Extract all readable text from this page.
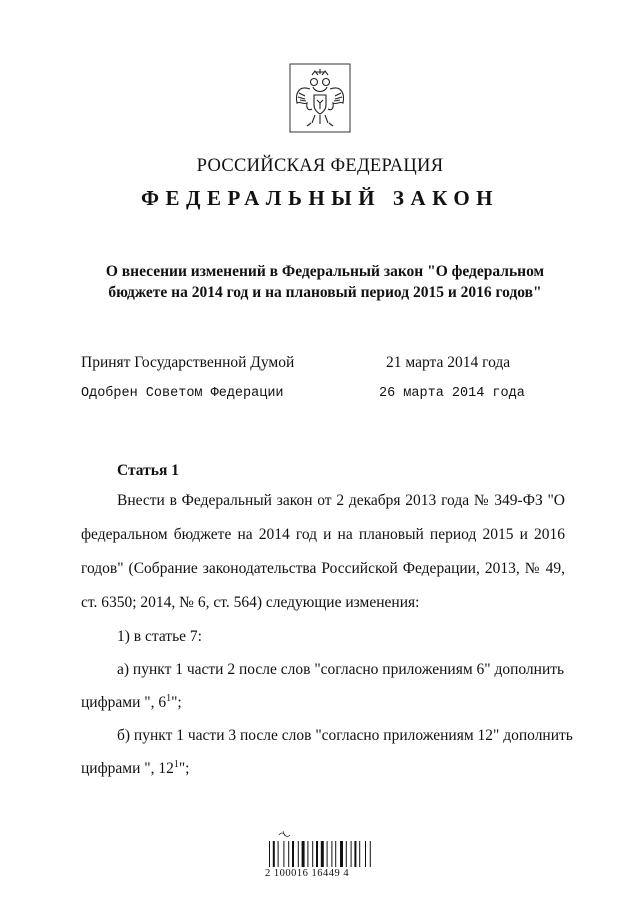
РОССИЙСКАЯ ФЕДЕРАЦИЯ
ФЕДЕРАЛЬНЫЙ ЗАКОН
О внесении изменений в Федеральный закон "О федеральном бюджете на 2014 год и на плановый период 2015 и 2016 годов"
Принят Государственной Думой	21 марта 2014 года
Одобрен Советом Федерации	26 марта 2014 года
Статья 1
Внести в Федеральный закон от 2 декабря 2013 года № 349-ФЗ "О федеральном бюджете на 2014 год и на плановый период 2015 и 2016 годов" (Собрание законодательства Российской Федерации, 2013, № 49, ст. 6350; 2014, № 6, ст. 564) следующие изменения:
1) в статье 7:
а) пункт 1 части 2 после слов "согласно приложениям 6" дополнить
цифрами ", $6^1$";
б) пункт 1 части 3 после слов "согласно приложениям 12" дополнить
цифрами ", $12^1$";
2 100016 16449 4
